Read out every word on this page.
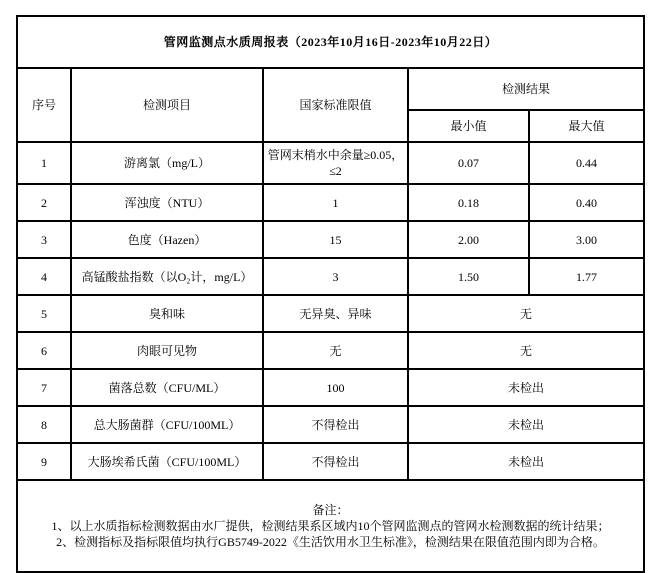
管网监测点水质周报表（2023年10月16日-2023年10月22日）				
序号	检测项目	国家标准限值	检测结果	
			最小值	最大值
1	游离氯（mg/L）	管网末梢水中余量≥0.05，≤2	0.07	0.44
2	浑浊度（NTU）	1	0.18	0.40
3	色度（Hazen）	15	2.00	3.00
4	高锰酸盐指数（以O₂计，mg/L）	3	1.50	1.77
5	臭和味	无异臭、异味	无	
6	肉眼可见物	无	无	
7	菌落总数（CFU/ML）	100	未检出	
8	总大肠菌群（CFU/100ML）	不得检出	未检出	
9	大肠埃希氏菌（CFU/100ML）	不得检出	未检出	

备注：
1、以上水质指标检测数据由水厂提供，检测结果系区域内10个管网监测点的管网水检测数据的统计结果；
2、检测指标及指标限值均执行GB5749-2022《生活饮用水卫生标准》，检测结果在限值范围内即为合格。				
